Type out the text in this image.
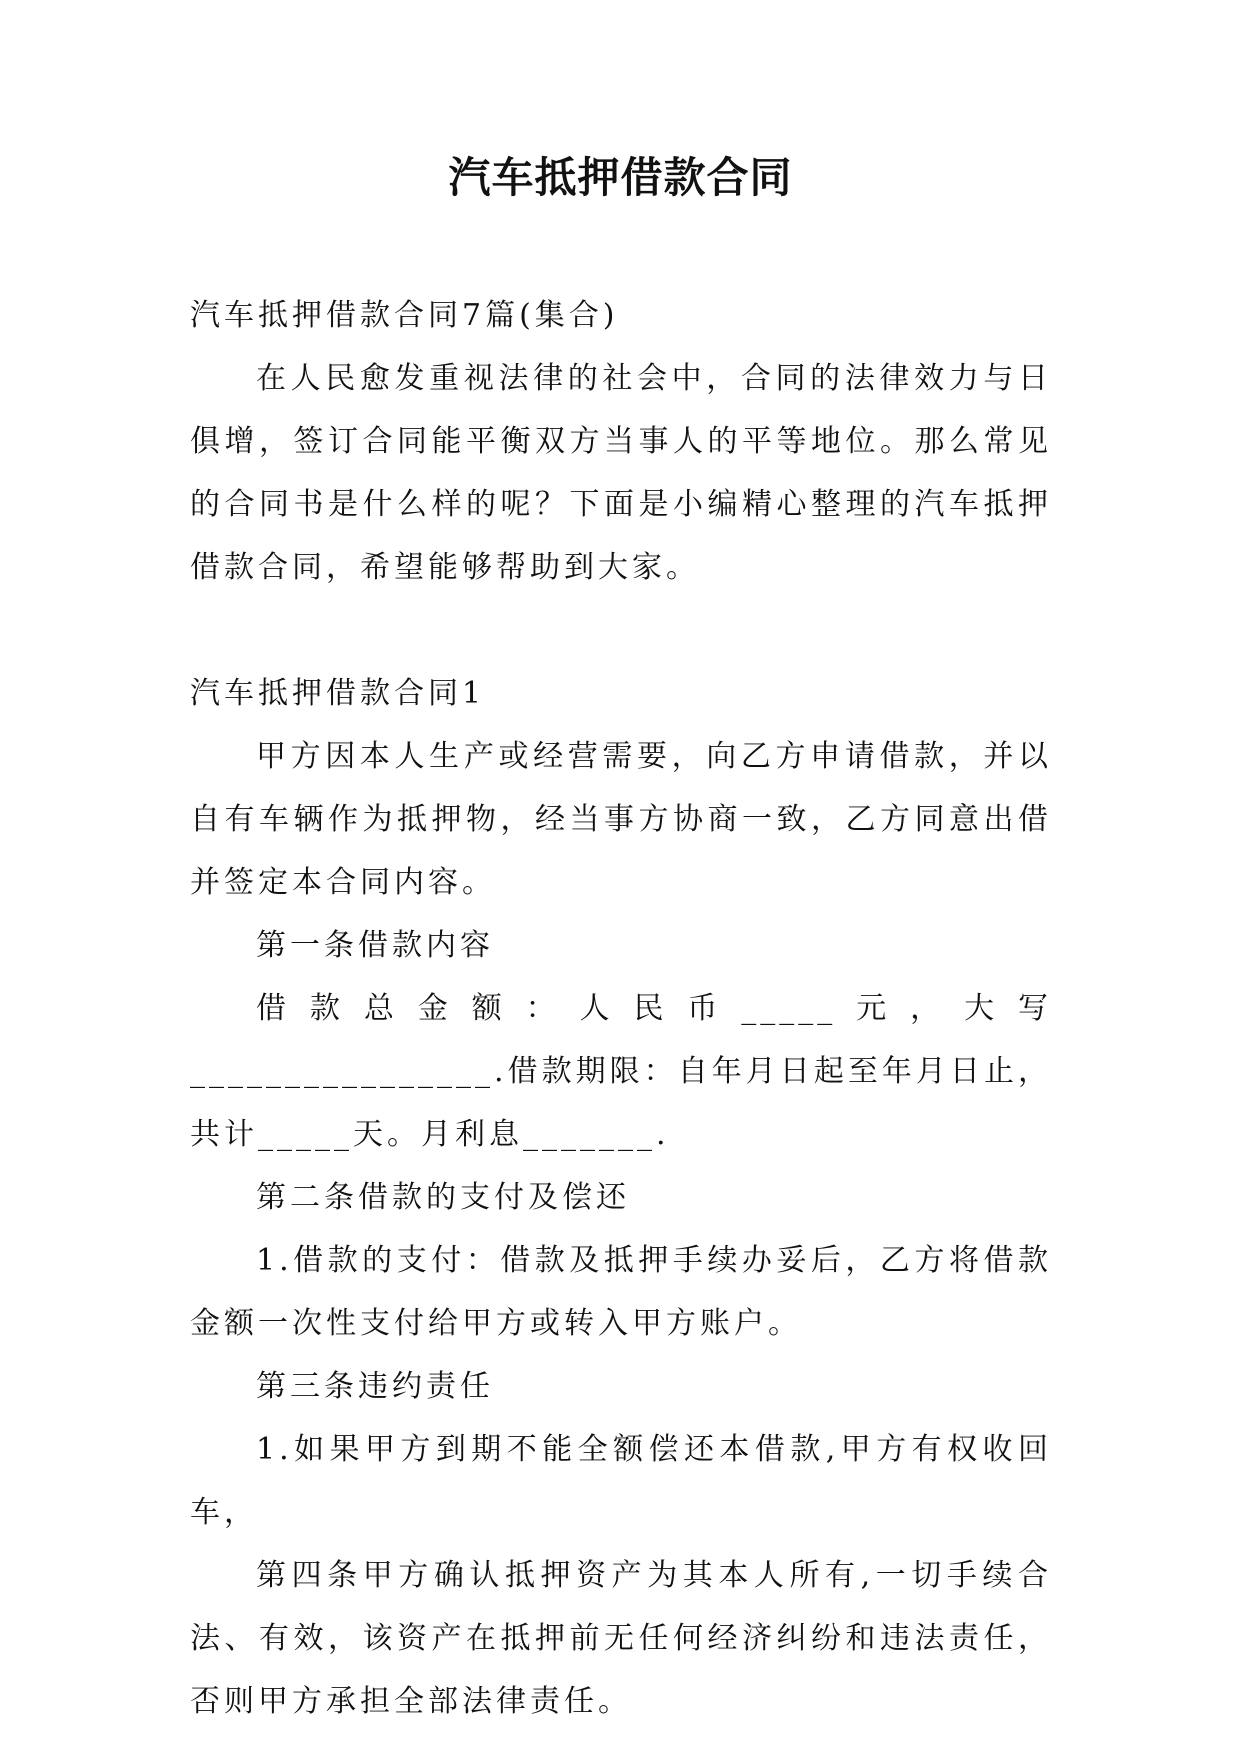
汽车抵押借款合同

汽车抵押借款合同7篇(集合)

在人民愈发重视法律的社会中，合同的法律效力与日俱增，签订合同能平衡双方当事人的平等地位。那么常见的合同书是什么样的呢？下面是小编精心整理的汽车抵押借款合同，希望能够帮助到大家。

汽车抵押借款合同1

甲方因本人生产或经营需要，向乙方申请借款，并以自有车辆作为抵押物，经当事方协商一致，乙方同意出借并签定本合同内容。

第一条借款内容

借款总金额：人民币_____元，大写________________.借款期限：自年月日起至年月日止，共计_____天。月利息_______.

第二条借款的支付及偿还

1.借款的支付：借款及抵押手续办妥后，乙方将借款金额一次性支付给甲方或转入甲方账户。

第三条违约责任

1.如果甲方到期不能全额偿还本借款,甲方有权收回车，

第四条甲方确认抵押资产为其本人所有,一切手续合法、有效，该资产在抵押前无任何经济纠纷和违法责任，否则甲方承担全部法律责任。
